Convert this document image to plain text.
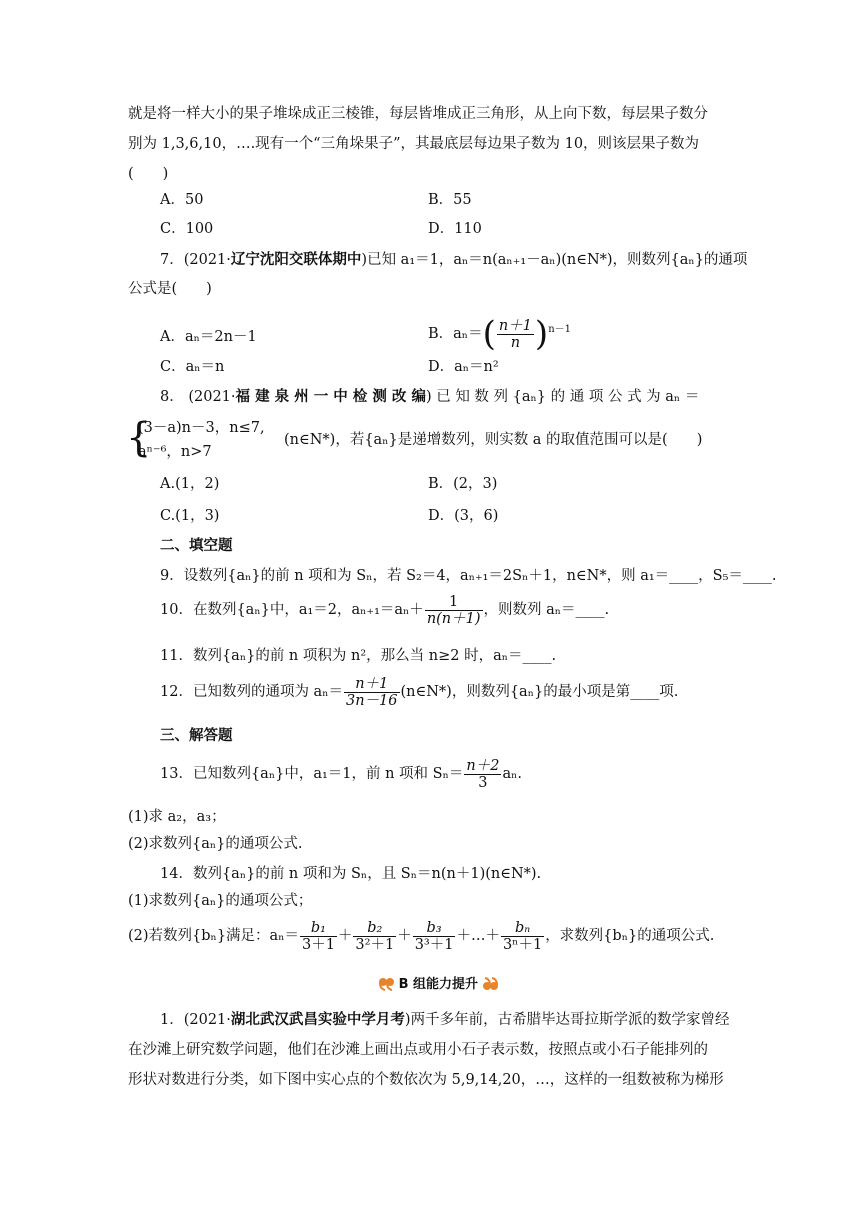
就是将一样大小的果子堆垛成正三棱锥，每层皆堆成正三角形，从上向下数，每层果子数分
别为 1,3,6,10，….现有一个“三角垛果子”，其最底层每边果子数为 10，则该层果子数为
(　　)
A．50	B．55
C．100	D．110
7．(2021·辽宁沈阳交联体期中)已知 a₁＝1，aₙ＝n(aₙ₊₁－aₙ)(n∈N*)，则数列{aₙ}的通项
公式是(　　)
A．aₙ＝2n－1	B．$a_n=( \frac{n+1}{n} )^{n-1}$
C．aₙ＝n	D．aₙ＝n²
8． (2021·福 建 泉 州 一 中 检 测 改 编) 已 知 数 列 {aₙ} 的 通 项 公 式 为 aₙ ＝
{
(3－a)n－3，n≤7,
aⁿ⁻⁶，n>7
(n∈N*)，若{aₙ}是递增数列，则实数 a 的取值范围可以是(　　)
A.(1，2)	B．(2，3)
C.(1，3)	D．(3，6)
二、填空题
9．设数列{aₙ}的前 n 项和为 Sₙ，若 S₂＝4，aₙ₊₁＝2Sₙ＋1，n∈N*，则 a₁＝____，S₅＝____.
10．在数列{aₙ}中，a₁＝2，$a_{n+1}=a_n+ \frac{1}{n(n+1)}$ ，则数列 aₙ＝____.
11．数列{aₙ}的前 n 项积为 n²，那么当 n≥2 时，aₙ＝____.
12．已知数列的通项为 $a_n= \frac{n+1}{3n-16}$ (n∈N*)，则数列{aₙ}的最小项是第____项.
三、解答题
13．已知数列{aₙ}中，a₁＝1，前 n 项和 $S_n= \frac{n+2}{3} a_n$.
(1)求 a₂，a₃；
(2)求数列{aₙ}的通项公式.
14．数列{aₙ}的前 n 项和为 Sₙ，且 Sₙ＝n(n＋1)(n∈N*).
(1)求数列{aₙ}的通项公式；
(2)若数列{bₙ}满足：$a_n= \frac{\text{b₁}}{3+1} + \frac{\text{b₂}}{\text{3²＋1}} + \frac{\text{b₃}}{\text{3³＋1}}$ ＋…＋ $\frac{\text{bₙ}}{\text{3ⁿ＋1}}$ ，求数列{bₙ}的通项公式.
B 组能力提升
1．(2021·湖北武汉武昌实验中学月考)两千多年前，古希腊毕达哥拉斯学派的数学家曾经
在沙滩上研究数学问题，他们在沙滩上画出点或用小石子表示数，按照点或小石子能排列的
形状对数进行分类，如下图中实心点的个数依次为 5,9,14,20，…，这样的一组数被称为梯形
